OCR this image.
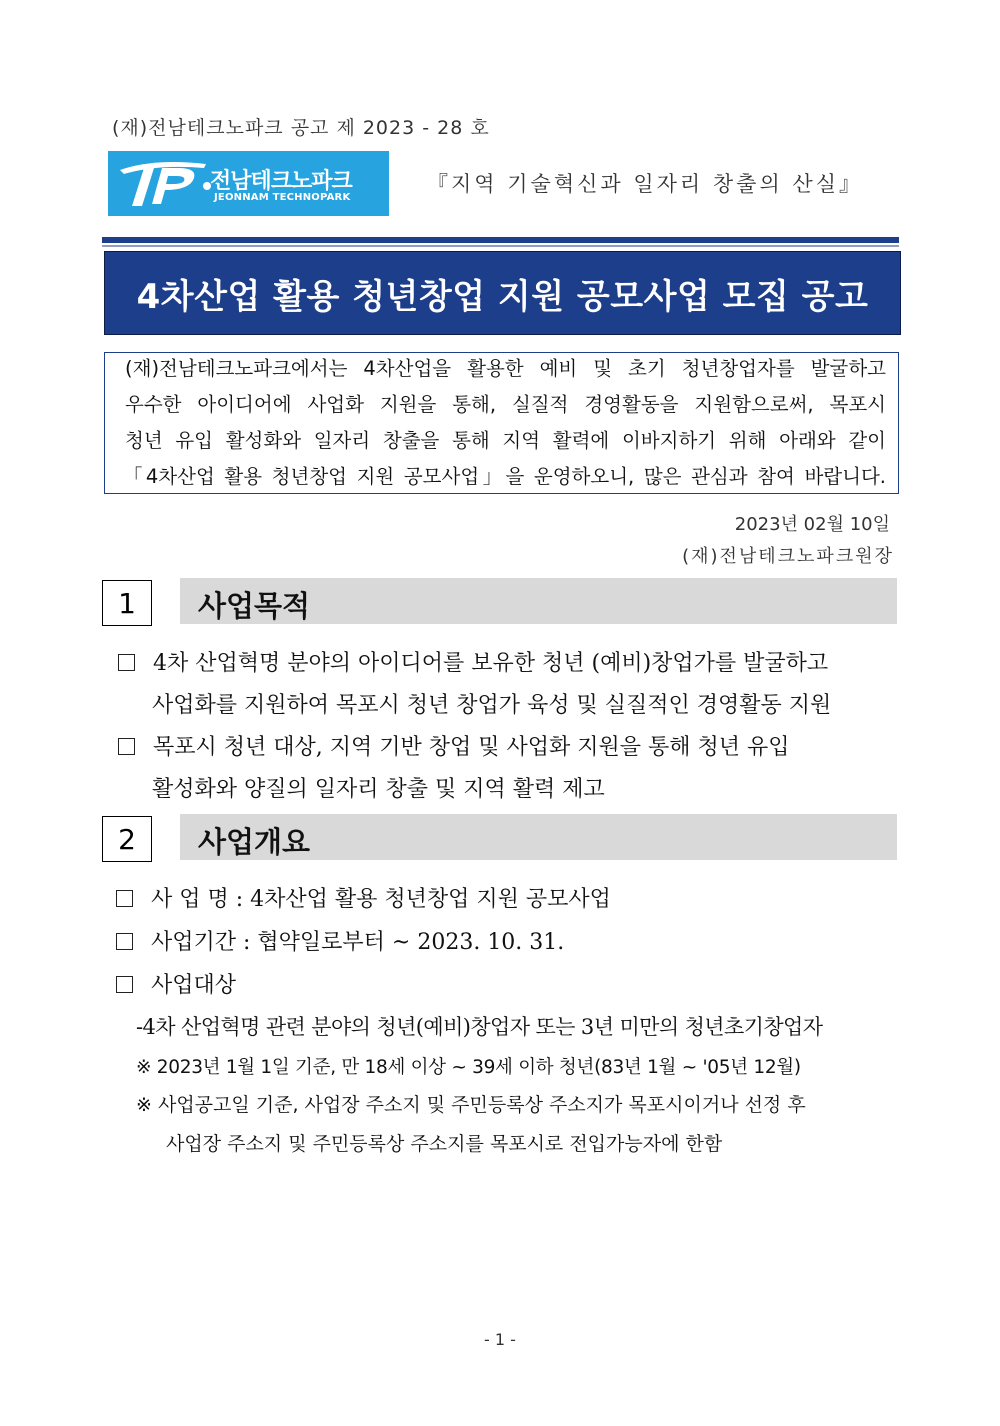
(재)전남테크노파크 공고 제 2023 - 28 호
전남테크노파크
JEONNAM TECHNOPARK
『지역 기술혁신과 일자리 창출의 산실』
4차산업 활용 청년창업 지원 공모사업 모집 공고
(재)전남테크노파크에서는 4차산업을 활용한 예비 및 초기 청년창업자를 발굴하고
우수한 아이디어에 사업화 지원을 통해, 실질적 경영활동을 지원함으로써, 목포시
청년 유입 활성화와 일자리 창출을 통해 지역 활력에 이바지하기 위해 아래와 같이
「4차산업 활용 청년창업 지원 공모사업」을 운영하오니, 많은 관심과 참여 바랍니다.
2023년 02월 10일
(재)전남테크노파크원장
1	사업목적
4차 산업혁명 분야의 아이디어를 보유한 청년 (예비)창업가를 발굴하고
사업화를 지원하여 목포시 청년 창업가 육성 및 실질적인 경영활동 지원
목포시 청년 대상, 지역 기반 창업 및 사업화 지원을 통해 청년 유입
활성화와 양질의 일자리 창출 및 지역 활력 제고
2	사업개요
사 업 명 : 4차산업 활용 청년창업 지원 공모사업
사업기간 : 협약일로부터 ~ 2023. 10. 31.
사업대상
-4차 산업혁명 관련 분야의 청년(예비)창업자 또는 3년 미만의 청년초기창업자
※ 2023년 1월 1일 기준, 만 18세 이상 ~ 39세 이하 청년(83년 1월 ~ '05년 12월)
※ 사업공고일 기준, 사업장 주소지 및 주민등록상 주소지가 목포시이거나 선정 후
사업장 주소지 및 주민등록상 주소지를 목포시로 전입가능자에 한함
- 1 -
